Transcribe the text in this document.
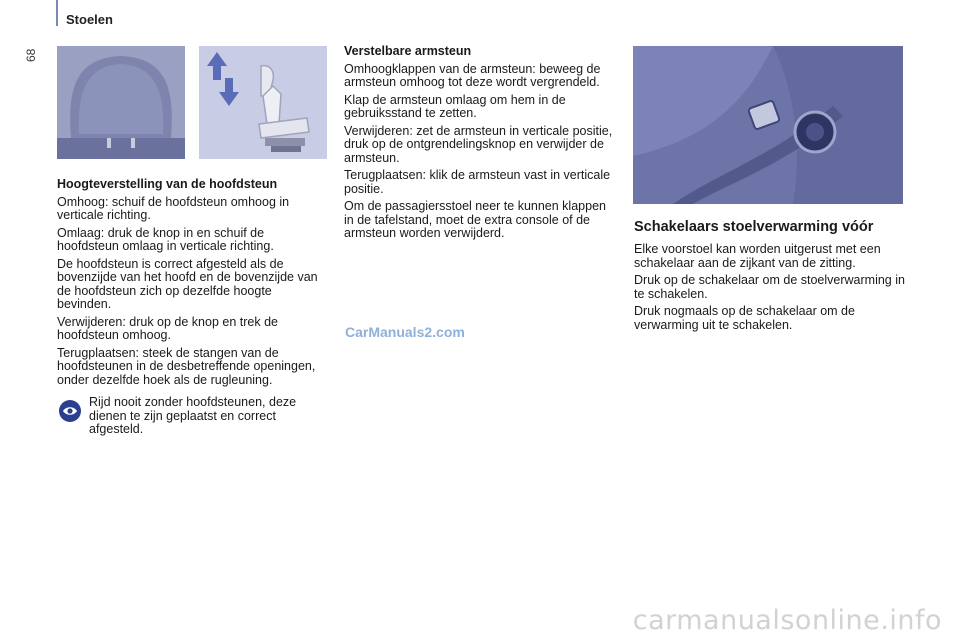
68
Stoelen
Hoogteverstelling van de hoofdsteun

Omhoog: schuif de hoofdsteun omhoog in verticale richting.

Omlaag: druk de knop in en schuif de hoofdsteun omlaag in verticale richting.

De hoofdsteun is correct afgesteld als de bovenzijde van het hoofd en de bovenzijde van de hoofdsteun zich op dezelfde hoogte bevinden.

Verwijderen: druk op de knop en trek de hoofdsteun omhoog.

Terugplaatsen: steek de stangen van de hoofdsteunen in de desbetreffende openingen, onder dezelfde hoek als de rugleuning.

Rijd nooit zonder hoofdsteunen, deze dienen te zijn geplaatst en correct afgesteld.
Verstelbare armsteun

Omhoogklappen van de armsteun: beweeg de armsteun omhoog tot deze wordt vergrendeld.

Klap de armsteun omlaag om hem in de gebruiksstand te zetten.

Verwijderen: zet de armsteun in verticale positie, druk op de ontgrendelingsknop en verwijder de armsteun.

Terugplaatsen: klik de armsteun vast in verticale positie.

Om de passagiersstoel neer te kunnen klappen in de tafelstand, moet de extra console of de armsteun worden verwijderd.	Schakelaars stoelverwarming vóór

Elke voorstoel kan worden uitgerust met een schakelaar aan de zijkant van de zitting.

Druk op de schakelaar om de stoelverwarming in te schakelen.

Druk nogmaals op de schakelaar om de verwarming uit te schakelen.

CarManuals2.com
carmanualsonline.info
